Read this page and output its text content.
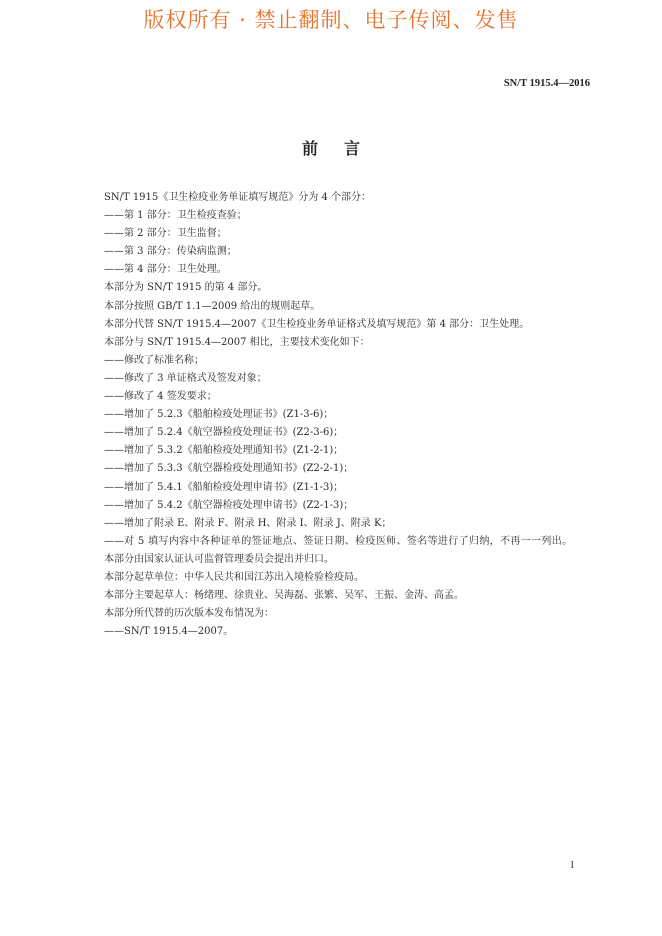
版权所有 · 禁止翻制、电子传阅、发售
SN/T 1915.4—2016
前言
SN/T 1915《卫生检疫业务单证填写规范》分为 4 个部分：
—— 第 1 部分：卫生检疫查验；
—— 第 2 部分：卫生监督；
—— 第 3 部分：传染病监测；
—— 第 4 部分：卫生处理。
本部分为 SN/T 1915 的第 4 部分。
本部分按照 GB/T 1.1—2009 给出的规则起草。
本部分代替 SN/T 1915.4—2007《卫生检疫业务单证格式及填写规范》第 4 部分：卫生处理。
本部分与 SN/T 1915.4—2007 相比，主要技术变化如下：
—— 修改了标准名称；
—— 修改了 3 单证格式及签发对象；
—— 修改了 4 签发要求；
—— 增加了 5.2.3《船舶检疫处理证书》(Z1-3-6)；
—— 增加了 5.2.4《航空器检疫处理证书》(Z2-3-6)；
—— 增加了 5.3.2《船舶检疫处理通知书》(Z1-2-1)；
—— 增加了 5.3.3《航空器检疫处理通知书》(Z2-2-1)；
—— 增加了 5.4.1《船舶检疫处理申请书》(Z1-1-3)；
—— 增加了 5.4.2《航空器检疫处理申请书》(Z2-1-3)；
—— 增加了附录 E、附录 F、附录 H、附录 I、附录 J、附录 K；
—— 对 5 填写内容中各种证单的签证地点、签证日期、检疫医师、签名等进行了归纳，不再一一列出。
本部分由国家认证认可监督管理委员会提出并归口。
本部分起草单位：中华人民共和国江苏出入境检验检疫局。
本部分主要起草人：杨绪理、徐贵业、吴海磊、张繁、吴军、王振、金涛、高孟。
本部分所代替的历次版本发布情况为：
—— SN/T 1915.4—2007。
I
